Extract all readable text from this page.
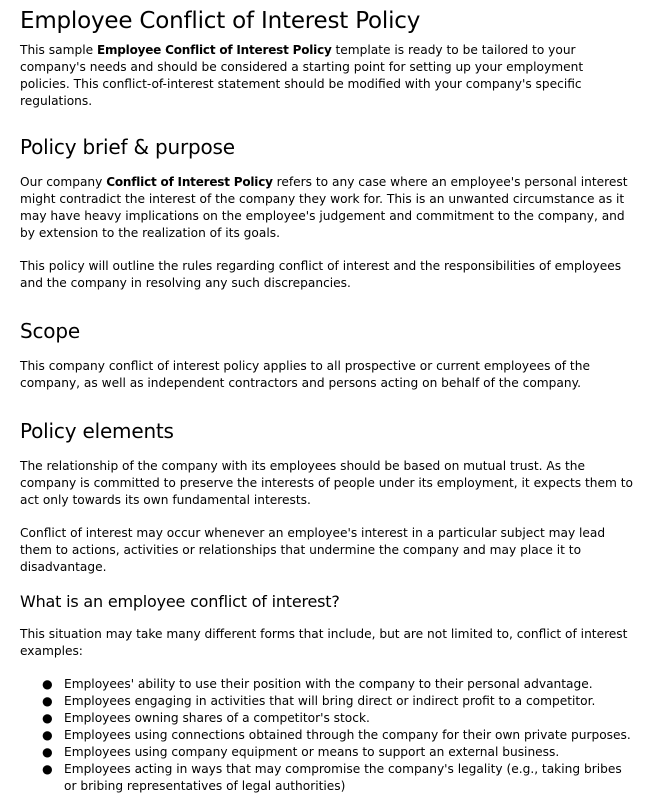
Employee Conflict of Interest Policy

This sample Employee Conflict of Interest Policy template is ready to be tailored to your company's needs and should be considered a starting point for setting up your employment policies. This conflict-of-interest statement should be modified with your company's specific regulations.

Policy brief & purpose

Our company Conflict of Interest Policy refers to any case where an employee's personal interest might contradict the interest of the company they work for. This is an unwanted circumstance as it may have heavy implications on the employee's judgement and commitment to the company, and by extension to the realization of its goals.

This policy will outline the rules regarding conflict of interest and the responsibilities of employees and the company in resolving any such discrepancies.

Scope

This company conflict of interest policy applies to all prospective or current employees of the company, as well as independent contractors and persons acting on behalf of the company.

Policy elements

The relationship of the company with its employees should be based on mutual trust. As the company is committed to preserve the interests of people under its employment, it expects them to act only towards its own fundamental interests.

Conflict of interest may occur whenever an employee's interest in a particular subject may lead them to actions, activities or relationships that undermine the company and may place it to disadvantage.

What is an employee conflict of interest?

This situation may take many different forms that include, but are not limited to, conflict of interest examples:

● Employees' ability to use their position with the company to their personal advantage.
● Employees engaging in activities that will bring direct or indirect profit to a competitor.
● Employees owning shares of a competitor's stock.
● Employees using connections obtained through the company for their own private purposes.
● Employees using company equipment or means to support an external business.
● Employees acting in ways that may compromise the company's legality (e.g., taking bribes or bribing representatives of legal authorities)
